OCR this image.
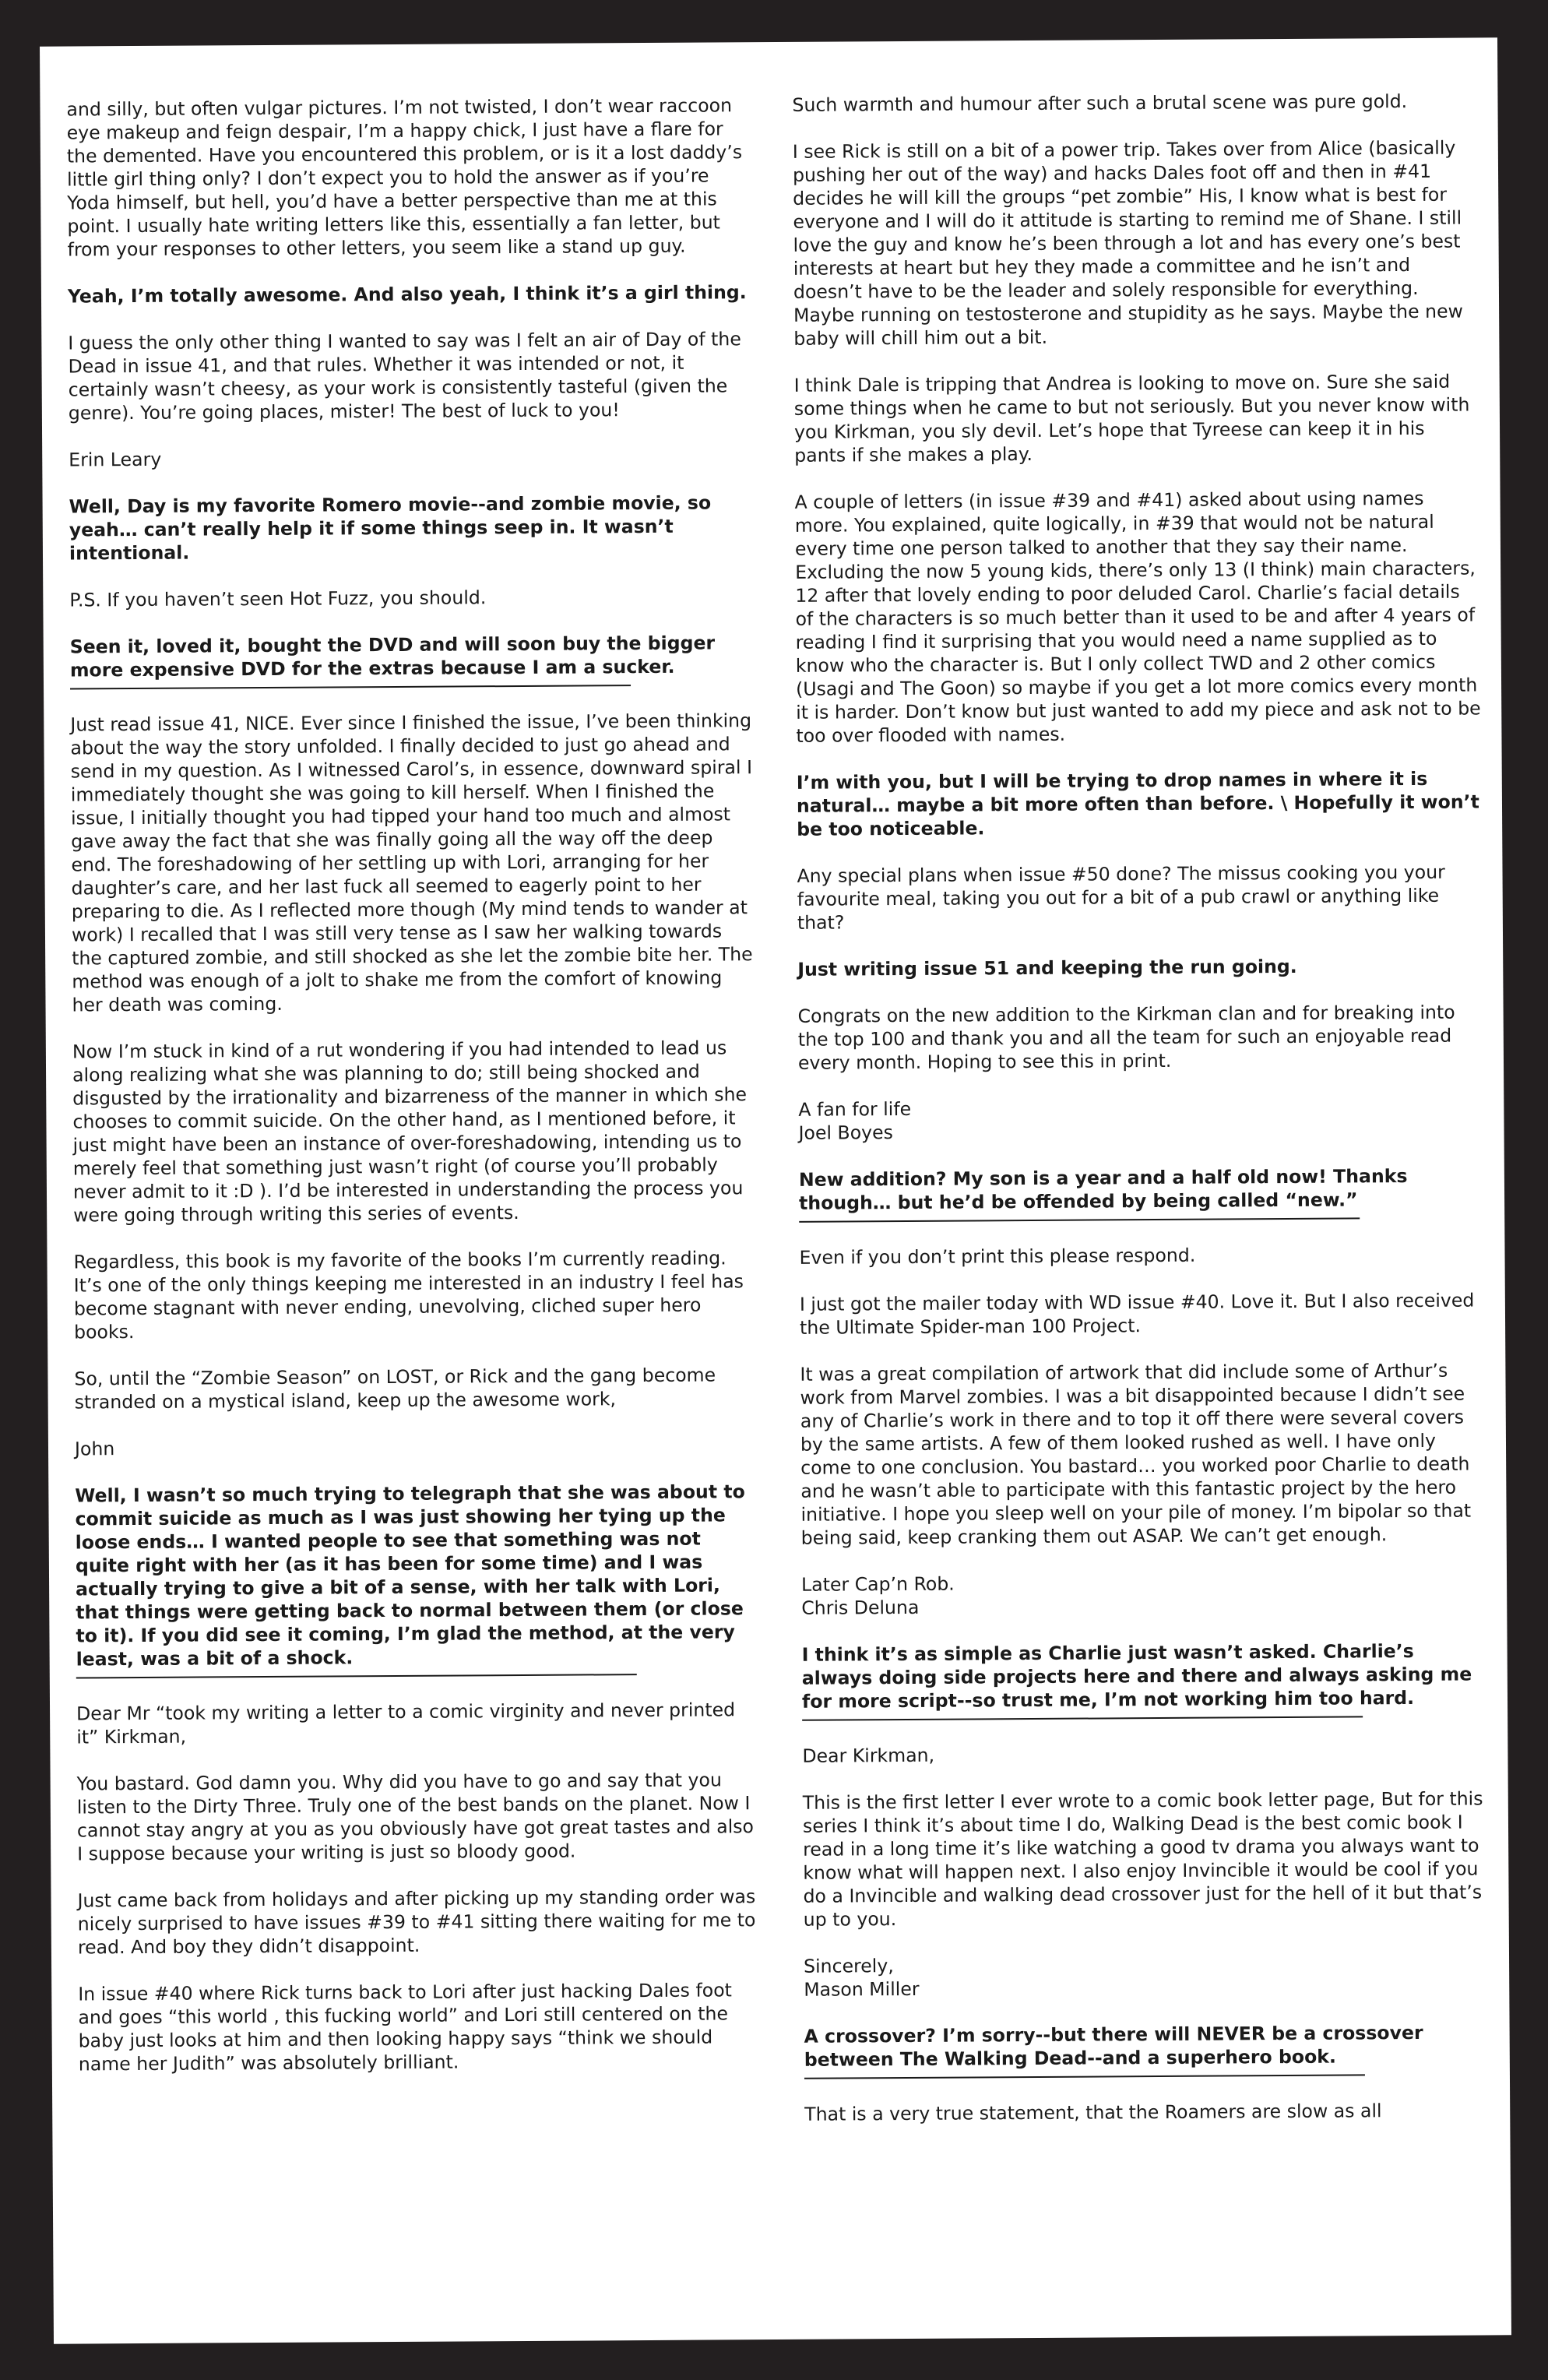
and silly, but often vulgar pictures. I’m not twisted, I don’t wear raccoon eye makeup and feign despair, I’m a happy chick, I just have a flare for the demented. Have you encountered this problem, or is it a lost daddy’s little girl thing only? I don’t expect you to hold the answer as if you’re Yoda himself, but hell, you’d have a better perspective than me at this point. I usually hate writing letters like this, essentially a fan letter, but from your responses to other letters, you seem like a stand up guy.

Yeah, I’m totally awesome. And also yeah, I think it’s a girl thing.

I guess the only other thing I wanted to say was I felt an air of Day of the Dead in issue 41, and that rules. Whether it was intended or not, it certainly wasn’t cheesy, as your work is consistently tasteful (given the genre). You’re going places, mister! The best of luck to you!

Erin Leary

Well, Day is my favorite Romero movie--and zombie movie, so yeah… can’t really help it if some things seep in. It wasn’t intentional.

P.S. If you haven’t seen Hot Fuzz, you should.

Seen it, loved it, bought the DVD and will soon buy the bigger more expensive DVD for the extras because I am a sucker.

Just read issue 41, NICE. Ever since I finished the issue, I’ve been thinking about the way the story unfolded. I finally decided to just go ahead and send in my question. As I witnessed Carol’s, in essence, downward spiral I immediately thought she was going to kill herself. When I finished the issue, I initially thought you had tipped your hand too much and almost gave away the fact that she was finally going all the way off the deep end. The foreshadowing of her settling up with Lori, arranging for her daughter’s care, and her last fuck all seemed to eagerly point to her preparing to die. As I reflected more though (My mind tends to wander at work) I recalled that I was still very tense as I saw her walking towards the captured zombie, and still shocked as she let the zombie bite her. The method was enough of a jolt to shake me from the comfort of knowing her death was coming.

Now I’m stuck in kind of a rut wondering if you had intended to lead us along realizing what she was planning to do; still being shocked and disgusted by the irrationality and bizarreness of the manner in which she chooses to commit suicide. On the other hand, as I mentioned before, it just might have been an instance of over-foreshadowing, intending us to merely feel that something just wasn’t right (of course you’ll probably never admit to it :D ). I’d be interested in understanding the process you were going through writing this series of events.

Regardless, this book is my favorite of the books I’m currently reading. It’s one of the only things keeping me interested in an industry I feel has become stagnant with never ending, unevolving, cliched super hero books.

So, until the “Zombie Season” on LOST, or Rick and the gang become stranded on a mystical island, keep up the awesome work,

John

Well, I wasn’t so much trying to telegraph that she was about to commit suicide as much as I was just showing her tying up the loose ends… I wanted people to see that something was not quite right with her (as it has been for some time) and I was actually trying to give a bit of a sense, with her talk with Lori, that things were getting back to normal between them (or close to it). If you did see it coming, I’m glad the method, at the very least, was a bit of a shock.

Dear Mr “took my writing a letter to a comic virginity and never printed it” Kirkman,

You bastard. God damn you. Why did you have to go and say that you listen to the Dirty Three. Truly one of the best bands on the planet. Now I cannot stay angry at you as you obviously have got great tastes and also I suppose because your writing is just so bloody good.

Just came back from holidays and after picking up my standing order was nicely surprised to have issues #39 to #41 sitting there waiting for me to read. And boy they didn’t disappoint.

In issue #40 where Rick turns back to Lori after just hacking Dales foot and goes “this world , this fucking world” and Lori still centered on the baby just looks at him and then looking happy says “think we should name her Judith” was absolutely brilliant.

Such warmth and humour after such a brutal scene was pure gold.

I see Rick is still on a bit of a power trip. Takes over from Alice (basically pushing her out of the way) and hacks Dales foot off and then in #41 decides he will kill the groups “pet zombie” His, I know what is best for everyone and I will do it attitude is starting to remind me of Shane. I still love the guy and know he’s been through a lot and has every one’s best interests at heart but hey they made a committee and he isn’t and doesn’t have to be the leader and solely responsible for everything. Maybe running on testosterone and stupidity as he says. Maybe the new baby will chill him out a bit.

I think Dale is tripping that Andrea is looking to move on. Sure she said some things when he came to but not seriously. But you never know with you Kirkman, you sly devil. Let’s hope that Tyreese can keep it in his pants if she makes a play.

A couple of letters (in issue #39 and #41) asked about using names more. You explained, quite logically, in #39 that would not be natural every time one person talked to another that they say their name. Excluding the now 5 young kids, there’s only 13 (I think) main characters, 12 after that lovely ending to poor deluded Carol. Charlie’s facial details of the characters is so much better than it used to be and after 4 years of reading I find it surprising that you would need a name supplied as to know who the character is. But I only collect TWD and 2 other comics (Usagi and The Goon) so maybe if you get a lot more comics every month it is harder. Don’t know but just wanted to add my piece and ask not to be too over flooded with names.

I’m with you, but I will be trying to drop names in where it is natural… maybe a bit more often than before. \ Hopefully it won’t be too noticeable.

Any special plans when issue #50 done? The missus cooking you your favourite meal, taking you out for a bit of a pub crawl or anything like that?

Just writing issue 51 and keeping the run going.

Congrats on the new addition to the Kirkman clan and for breaking into the top 100 and thank you and all the team for such an enjoyable read every month. Hoping to see this in print.

A fan for life
Joel Boyes

New addition? My son is a year and a half old now! Thanks though… but he’d be offended by being called “new.”

Even if you don’t print this please respond.

I just got the mailer today with WD issue #40. Love it. But I also received the Ultimate Spider-man 100 Project.

It was a great compilation of artwork that did include some of Arthur’s work from Marvel zombies. I was a bit disappointed because I didn’t see any of Charlie’s work in there and to top it off there were several covers by the same artists. A few of them looked rushed as well. I have only come to one conclusion. You bastard… you worked poor Charlie to death and he wasn’t able to participate with this fantastic project by the hero initiative. I hope you sleep well on your pile of money. I’m bipolar so that being said, keep cranking them out ASAP. We can’t get enough.

Later Cap’n Rob.
Chris Deluna

I think it’s as simple as Charlie just wasn’t asked. Charlie’s always doing side projects here and there and always asking me for more script--so trust me, I’m not working him too hard.

Dear Kirkman,

This is the first letter I ever wrote to a comic book letter page, But for this series I think it’s about time I do, Walking Dead is the best comic book I read in a long time it’s like watching a good tv drama you always want to know what will happen next. I also enjoy Invincible it would be cool if you do a Invincible and walking dead crossover just for the hell of it but that’s up to you.

Sincerely,
Mason Miller

A crossover? I’m sorry--but there will NEVER be a crossover between The Walking Dead--and a superhero book.

That is a very true statement, that the Roamers are slow as all
